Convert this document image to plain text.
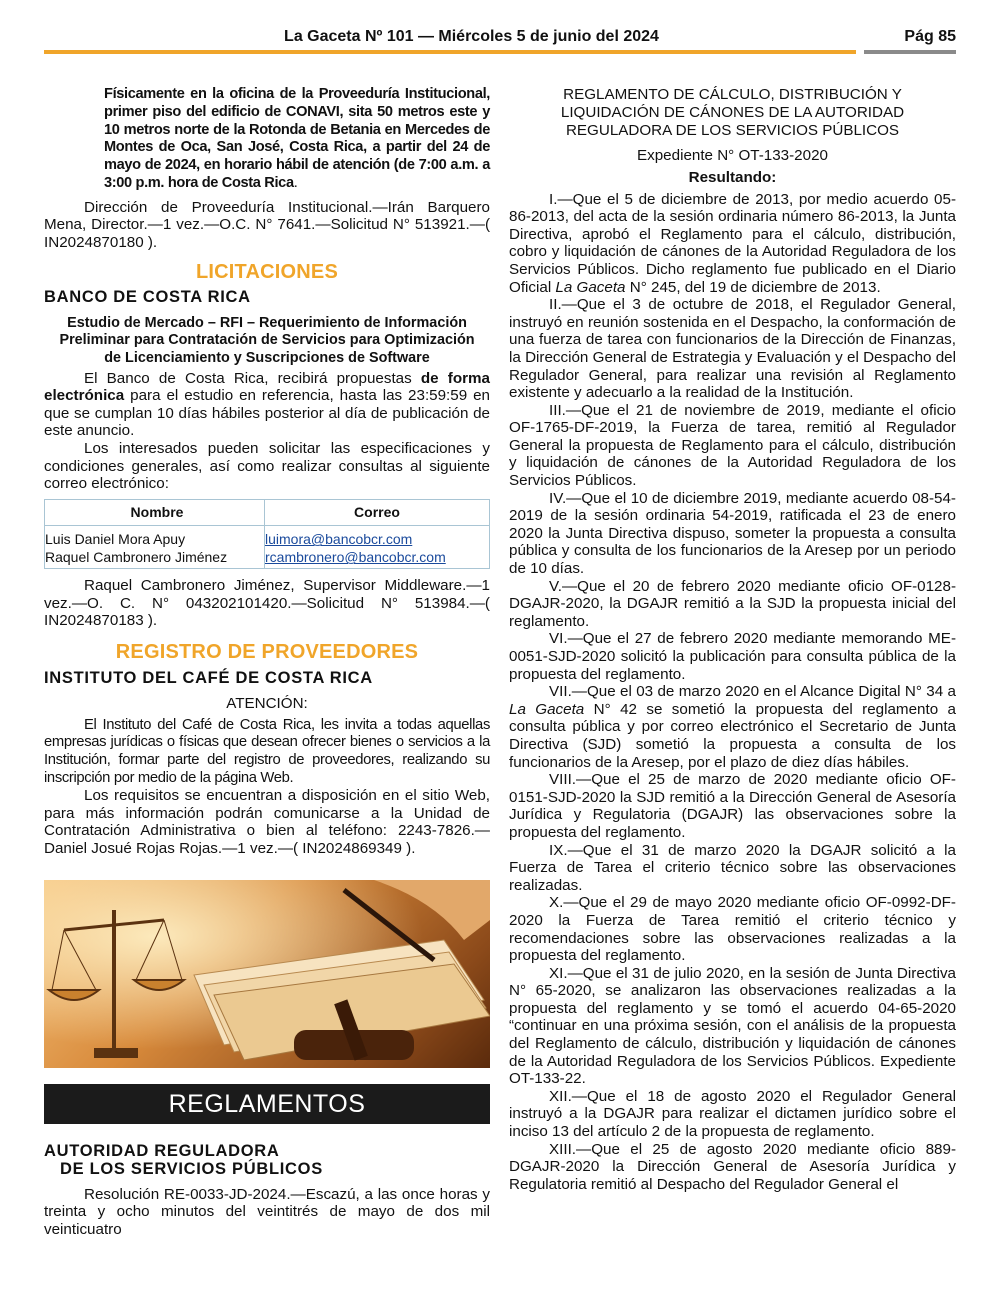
La Gaceta Nº 101 — Miércoles 5 de junio del 2024	Pág 85

Físicamente en la oficina de la Proveeduría Institucional, primer piso del edificio de CONAVI, sita 50 metros este y 10 metros norte de la Rotonda de Betania en Mercedes de Montes de Oca, San José, Costa Rica, a partir del 24 de mayo de 2024, en horario hábil de atención (de 7:00 a.m. a 3:00 p.m. hora de Costa Rica.

Dirección de Proveeduría Institucional.—Irán Barquero Mena, Director.—1 vez.—O.C. N° 7641.—Solicitud N° 513921.—( IN2024870180 ).

LICITACIONES
BANCO DE COSTA RICA

Estudio de Mercado – RFI – Requerimiento de Información Preliminar para Contratación de Servicios para Optimización de Licenciamiento y Suscripciones de Software

El Banco de Costa Rica, recibirá propuestas de forma electrónica para el estudio en referencia, hasta las 23:59:59 en que se cumplan 10 días hábiles posterior al día de publicación de este anuncio.

Los interesados pueden solicitar las especificaciones y condiciones generales, así como realizar consultas al siguiente correo electrónico:

Nombre	Correo
Luis Daniel Mora Apuy
Raquel Cambronero Jiménez
luimora@bancobcr.com
rcambronero@bancobcr.com

Raquel Cambronero Jiménez, Supervisor Middleware.—1 vez.—O. C. N° 043202101420.—Solicitud N° 513984.—( IN2024870183 ).

REGISTRO DE PROVEEDORES
INSTITUTO DEL CAFÉ DE COSTA RICA

ATENCIÓN:

El Instituto del Café de Costa Rica, les invita a todas aquellas empresas jurídicas o físicas que desean ofrecer bienes o servicios a la Institución, formar parte del registro de proveedores, realizando su inscripción por medio de la página Web.

Los requisitos se encuentran a disposición en el sitio Web, para más información podrán comunicarse a la Unidad de Contratación Administrativa o bien al teléfono: 2243-7826.—Daniel Josué Rojas Rojas.—1 vez.—( IN2024869349 ).

REGLAMENTOS
AUTORIDAD REGULADORA
DE LOS SERVICIOS PÚBLICOS

Resolución RE-0033-JD-2024.—Escazú, a las once horas y treinta y ocho minutos del veintitrés de mayo de dos mil veinticuatro

REGLAMENTO DE CÁLCULO, DISTRIBUCIÓN Y LIQUIDACIÓN DE CÁNONES DE LA AUTORIDAD REGULADORA DE LOS SERVICIOS PÚBLICOS

Expediente N° OT-133-2020

Resultando:

I.—Que el 5 de diciembre de 2013, por medio acuerdo 05-86-2013, del acta de la sesión ordinaria número 86-2013, la Junta Directiva, aprobó el Reglamento para el cálculo, distribución, cobro y liquidación de cánones de la Autoridad Reguladora de los Servicios Públicos. Dicho reglamento fue publicado en el Diario Oficial La Gaceta N° 245, del 19 de diciembre de 2013.

II.—Que el 3 de octubre de 2018, el Regulador General, instruyó en reunión sostenida en el Despacho, la conformación de una fuerza de tarea con funcionarios de la Dirección de Finanzas, la Dirección General de Estrategia y Evaluación y el Despacho del Regulador General, para realizar una revisión al Reglamento existente y adecuarlo a la realidad de la Institución.

III.—Que el 21 de noviembre de 2019, mediante el oficio OF-1765-DF-2019, la Fuerza de tarea, remitió al Regulador General la propuesta de Reglamento para el cálculo, distribución y liquidación de cánones de la Autoridad Reguladora de los Servicios Públicos.

IV.—Que el 10 de diciembre 2019, mediante acuerdo 08-54-2019 de la sesión ordinaria 54-2019, ratificada el 23 de enero 2020 la Junta Directiva dispuso, someter la propuesta a consulta pública y consulta de los funcionarios de la Aresep por un periodo de 10 días.

V.—Que el 20 de febrero 2020 mediante oficio OF-0128-DGAJR-2020, la DGAJR remitió a la SJD la propuesta inicial del reglamento.

VI.—Que el 27 de febrero 2020 mediante memorando ME-0051-SJD-2020 solicitó la publicación para consulta pública de la propuesta del reglamento.

VII.—Que el 03 de marzo 2020 en el Alcance Digital N° 34 a La Gaceta N° 42 se sometió la propuesta del reglamento a consulta pública y por correo electrónico el Secretario de Junta Directiva (SJD) sometió la propuesta a consulta de los funcionarios de la Aresep, por el plazo de diez días hábiles.

VIII.—Que el 25 de marzo de 2020 mediante oficio OF-0151-SJD-2020 la SJD remitió a la Dirección General de Asesoría Jurídica y Regulatoria (DGAJR) las observaciones sobre la propuesta del reglamento.

IX.—Que el 31 de marzo 2020 la DGAJR solicitó a la Fuerza de Tarea el criterio técnico sobre las observaciones realizadas.

X.—Que el 29 de mayo 2020 mediante oficio OF-0992-DF-2020 la Fuerza de Tarea remitió el criterio técnico y recomendaciones sobre las observaciones realizadas a la propuesta del reglamento.

XI.—Que el 31 de julio 2020, en la sesión de Junta Directiva N° 65-2020, se analizaron las observaciones realizadas a la propuesta del reglamento y se tomó el acuerdo 04-65-2020 “continuar en una próxima sesión, con el análisis de la propuesta del Reglamento de cálculo, distribución y liquidación de cánones de la Autoridad Reguladora de los Servicios Públicos. Expediente OT-133-22.

XII.—Que el 18 de agosto 2020 el Regulador General instruyó a la DGAJR para realizar el dictamen jurídico sobre el inciso 13 del artículo 2 de la propuesta de reglamento.

XIII.—Que el 25 de agosto 2020 mediante oficio 889-DGAJR-2020 la Dirección General de Asesoría Jurídica y Regulatoria remitió al Despacho del Regulador General el
